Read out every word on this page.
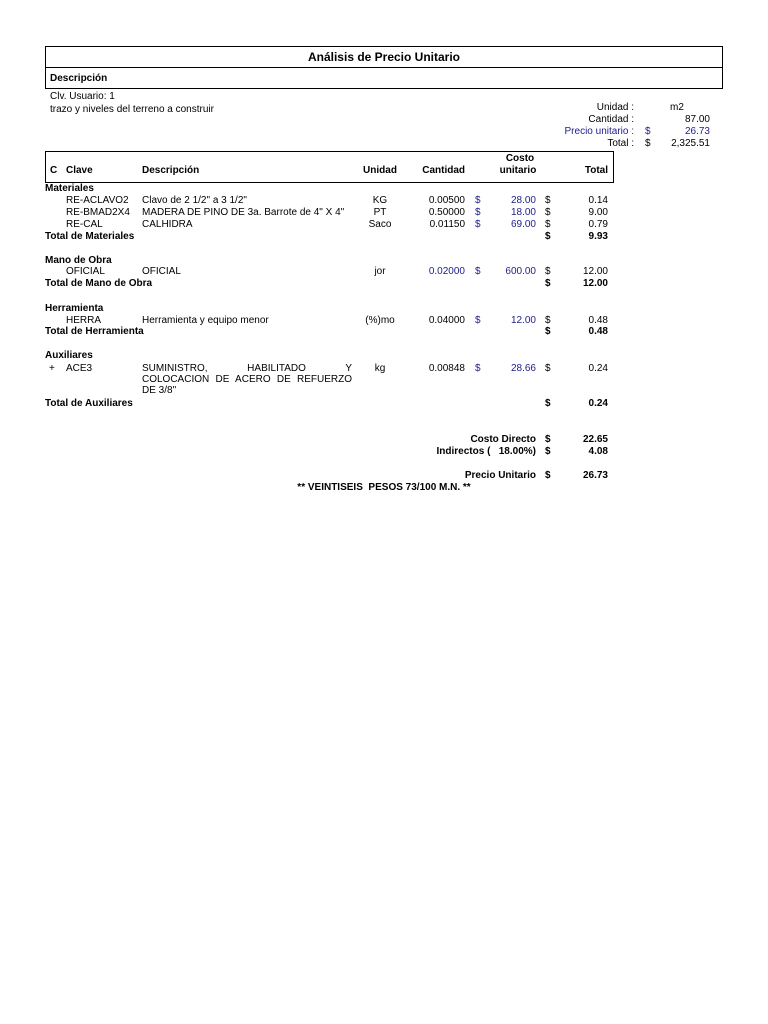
Análisis de Precio Unitario
Descripción
Clv. Usuario: 1
trazo y niveles del terreno a construir	Unidad :	m2
Cantidad :	87.00
Precio unitario : $	26.73
Total : $	2,325.51
C Clave	Descripción	Unidad	Cantidad
Costo
unitario	Total
Materiales
RE-ACLAVO2 Clavo de 2 1/2" a 3 1/2"	KG	0.00500 $	28.00 $	0.14
RE-BMAD2X4 MADERA DE PINO DE 3a. Barrote de 4" X 4"	PT	0.50000 $	18.00 $	9.00
RE-CAL	CALHIDRA	Saco	0.01150 $	69.00 $	0.79
Total de Materiales	$	9.93
Mano de Obra
OFICIAL	OFICIAL	jor	0.02000 $	600.00 $	12.00
Total de Mano de Obra	$	12.00
Herramienta
HERRA	Herramienta y equipo menor	(%)mo	0.04000 $	12.00 $	0.48
Total de Herramienta	$	0.48
Auxiliares
+ ACE3	SUMINISTRO, HABILITADO Y
COLOCACION DE ACERO DE REFUERZO
DE 3/8"
kg	0.00848 $	28.66 $	0.24
Total de Auxiliares	$	0.24
Costo Directo $	22.65
Indirectos (   18.00%) $	4.08
Precio Unitario $	26.73
** VEINTISEIS  PESOS 73/100 M.N. **
